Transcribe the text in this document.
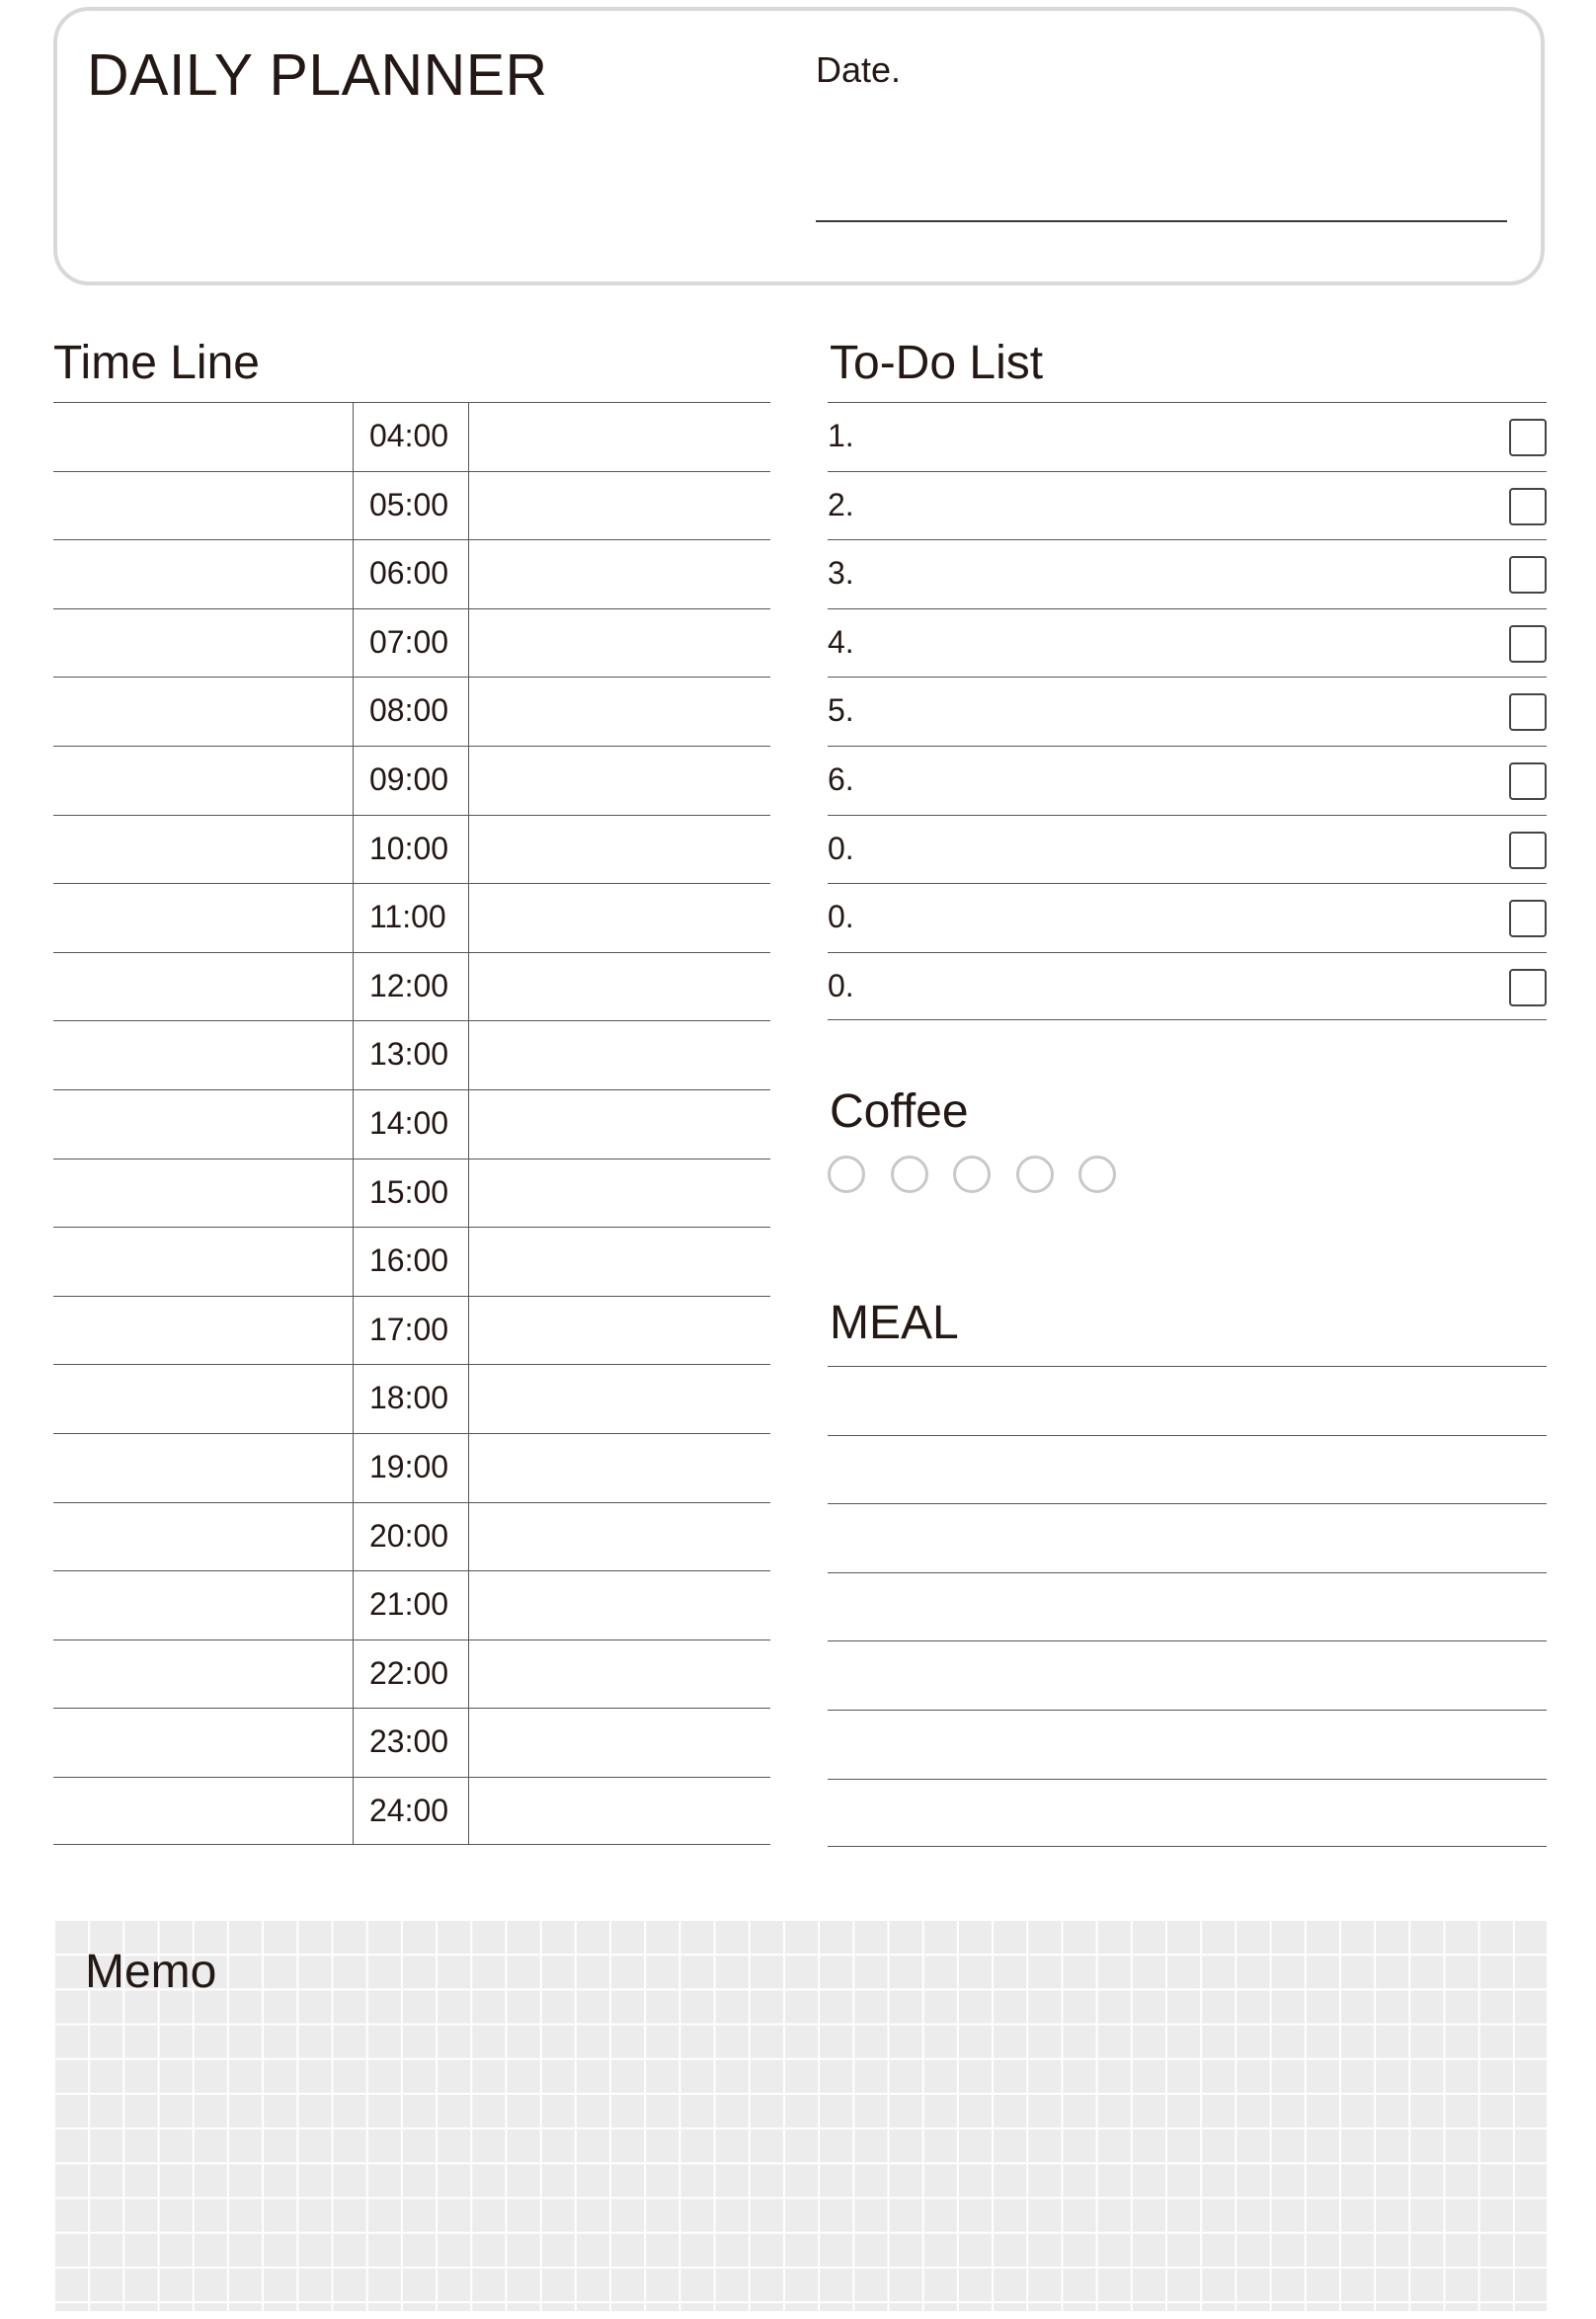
DAILY PLANNER	Date.
Time Line
04:00
05:00
06:00
07:00
08:00
09:00
10:00
11:00
12:00
13:00
14:00
15:00
16:00
17:00
18:00
19:00
20:00
21:00
22:00
23:00
24:00
To-Do List
1.
2.
3.
4.
5.
6.
0.
0.
0.
Coffee
MEAL
Memo
